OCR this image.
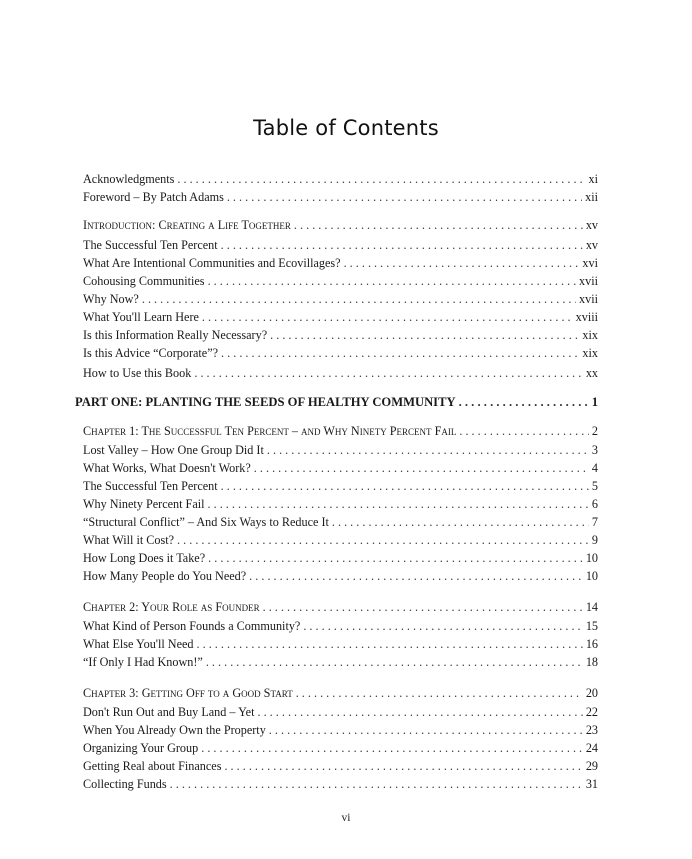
Table of Contents
Acknowledgments . . .	xi
Foreword – By Patch Adams . . .	xii
Introduction: Creating a Life Together . . .	xv
The Successful Ten Percent . . .	xv
What Are Intentional Communities and Ecovillages? . . .	xvi
Cohousing Communities . . .	xvii
Why Now? . . .	xvii
What You'll Learn Here . . .	xviii
Is this Information Really Necessary? . . .	xix
Is this Advice “Corporate”? . . .	xix
How to Use this Book . . .	xx
PART ONE: PLANTING THE SEEDS OF HEALTHY COMMUNITY . . .	1
Chapter 1: The Successful Ten Percent – and Why Ninety Percent Fail . . .	2
Lost Valley – How One Group Did It . . .	3
What Works, What Doesn't Work? . . .	4
The Successful Ten Percent . . .	5
Why Ninety Percent Fail . . .	6
“Structural Conflict” – And Six Ways to Reduce It . . .	7
What Will it Cost? . . .	9
How Long Does it Take? . . .	10
How Many People do You Need? . . .	10
Chapter 2: Your Role as Founder . . .	14
What Kind of Person Founds a Community? . . .	15
What Else You'll Need . . .	16
“If Only I Had Known!” . . .	18
Chapter 3: Getting Off to a Good Start . . .	20
Don't Run Out and Buy Land – Yet . . .	22
When You Already Own the Property . . .	23
Organizing Your Group . . .	24
Getting Real about Finances . . .	29
Collecting Funds . . .	31
vi
